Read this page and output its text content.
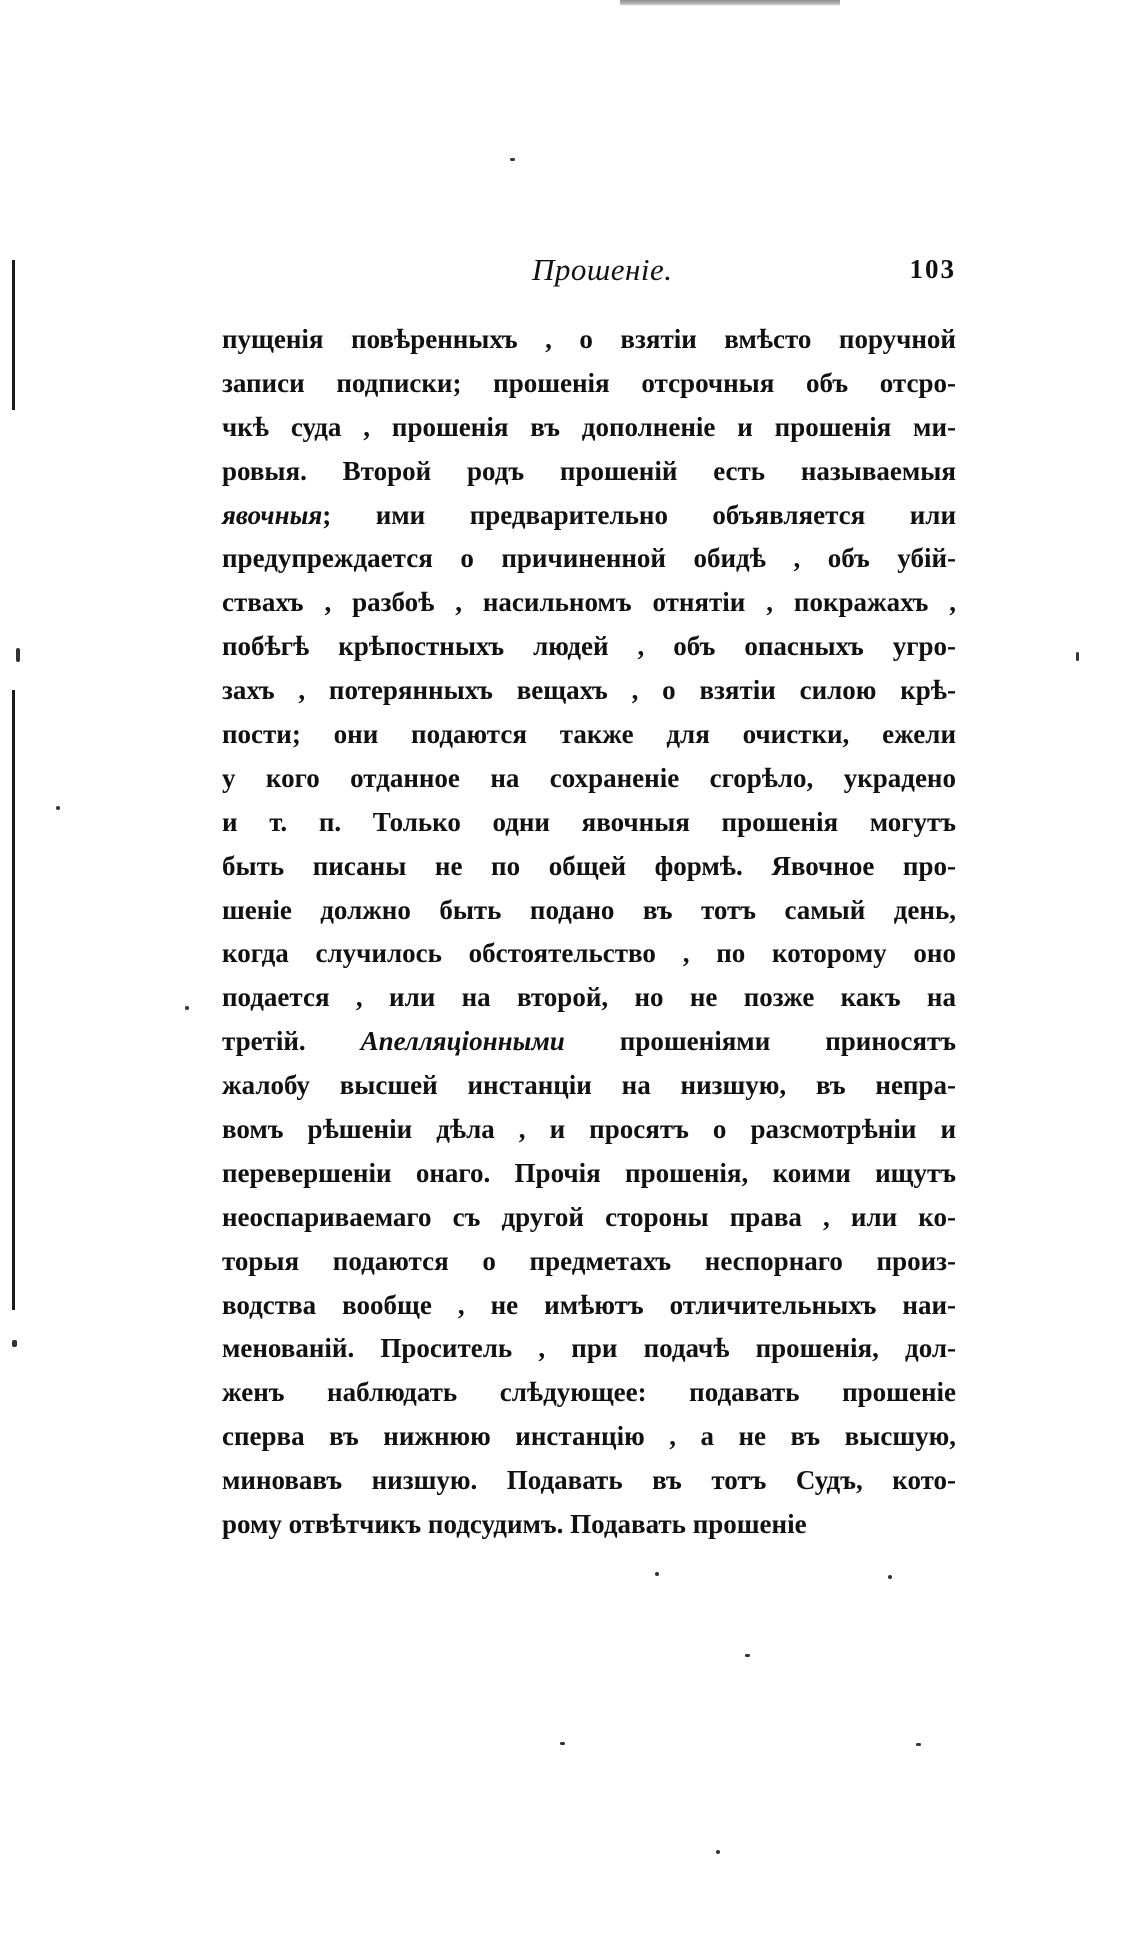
Прошеніе.	103
пущенія повѣренныхъ , о взятіи вмѣсто поручной
записи подписки; прошенія отсрочныя объ отсро-
чкѣ суда , прошенія въ дополненіе и прошенія ми-
ровыя. Второй родъ прошеній есть называемыя
явочныя; ими предварительно объявляется или
предупреждается о причиненной обидѣ , объ убій-
ствахъ , разбоѣ , насильномъ отнятіи , покражахъ ,
побѣгѣ крѣпостныхъ людей , объ опасныхъ угро-
захъ , потерянныхъ вещахъ , о взятіи силою крѣ-
пости; они подаются также для очистки, ежели
у кого отданное на сохраненіе сгорѣло, украдено
и т. п. Только одни явочныя прошенія могутъ
быть писаны не по общей формѣ. Явочное про-
шеніе должно быть подано въ тотъ самый день,
когда случилось обстоятельство , по которому оно
подается , или на второй, но не позже какъ на
третій. Апелляціонными прошеніями приносятъ
жалобу высшей инстанціи на низшую, въ непра-
вомъ рѣшеніи дѣла , и просятъ о разсмотрѣніи и
перевершеніи онаго. Прочія прошенія, коими ищутъ
неоспариваемаго съ другой стороны права , или ко-
торыя подаются о предметахъ неспорнаго произ-
водства вообще , не имѣютъ отличительныхъ наи-
менованій. Проситель , при подачѣ прошенія, дол-
женъ наблюдать слѣдующее: подавать прошеніе
сперва въ нижнюю инстанцію , а не въ высшую,
миновавъ низшую. Подавать въ тотъ Судъ, кото-
рому отвѣтчикъ подсудимъ. Подавать прошеніе
